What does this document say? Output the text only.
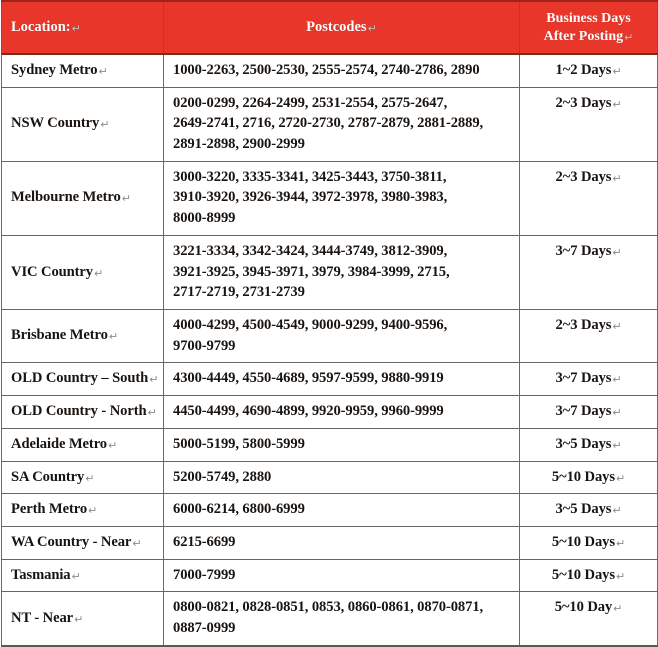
Location:↵	Postcodes↵	Business Days
After Posting↵
Sydney Metro↵	1000-2263, 2500-2530, 2555-2574, 2740-2786, 2890	1~2 Days↵
NSW Country↵	0200-0299, 2264-2499, 2531-2554, 2575-2647,
2649-2741, 2716, 2720-2730, 2787-2879, 2881-2889,
2891-2898, 2900-2999	2~3 Days↵
Melbourne Metro↵	3000-3220, 3335-3341, 3425-3443, 3750-3811,
3910-3920, 3926-3944, 3972-3978, 3980-3983,
8000-8999	2~3 Days↵
VIC Country↵	3221-3334, 3342-3424, 3444-3749, 3812-3909,
3921-3925, 3945-3971, 3979, 3984-3999, 2715,
2717-2719, 2731-2739	3~7 Days↵
Brisbane Metro↵	4000-4299, 4500-4549, 9000-9299, 9400-9596,
9700-9799	2~3 Days↵
OLD Country – South↵	4300-4449, 4550-4689, 9597-9599, 9880-9919	3~7 Days↵
OLD Country - North↵	4450-4499, 4690-4899, 9920-9959, 9960-9999	3~7 Days↵
Adelaide Metro↵	5000-5199, 5800-5999	3~5 Days↵
SA Country↵	5200-5749, 2880	5~10 Days↵
Perth Metro↵	6000-6214, 6800-6999	3~5 Days↵
WA Country - Near↵	6215-6699	5~10 Days↵
Tasmania↵	7000-7999	5~10 Days↵
NT - Near↵	0800-0821, 0828-0851, 0853, 0860-0861, 0870-0871,
0887-0999	5~10 Day↵
